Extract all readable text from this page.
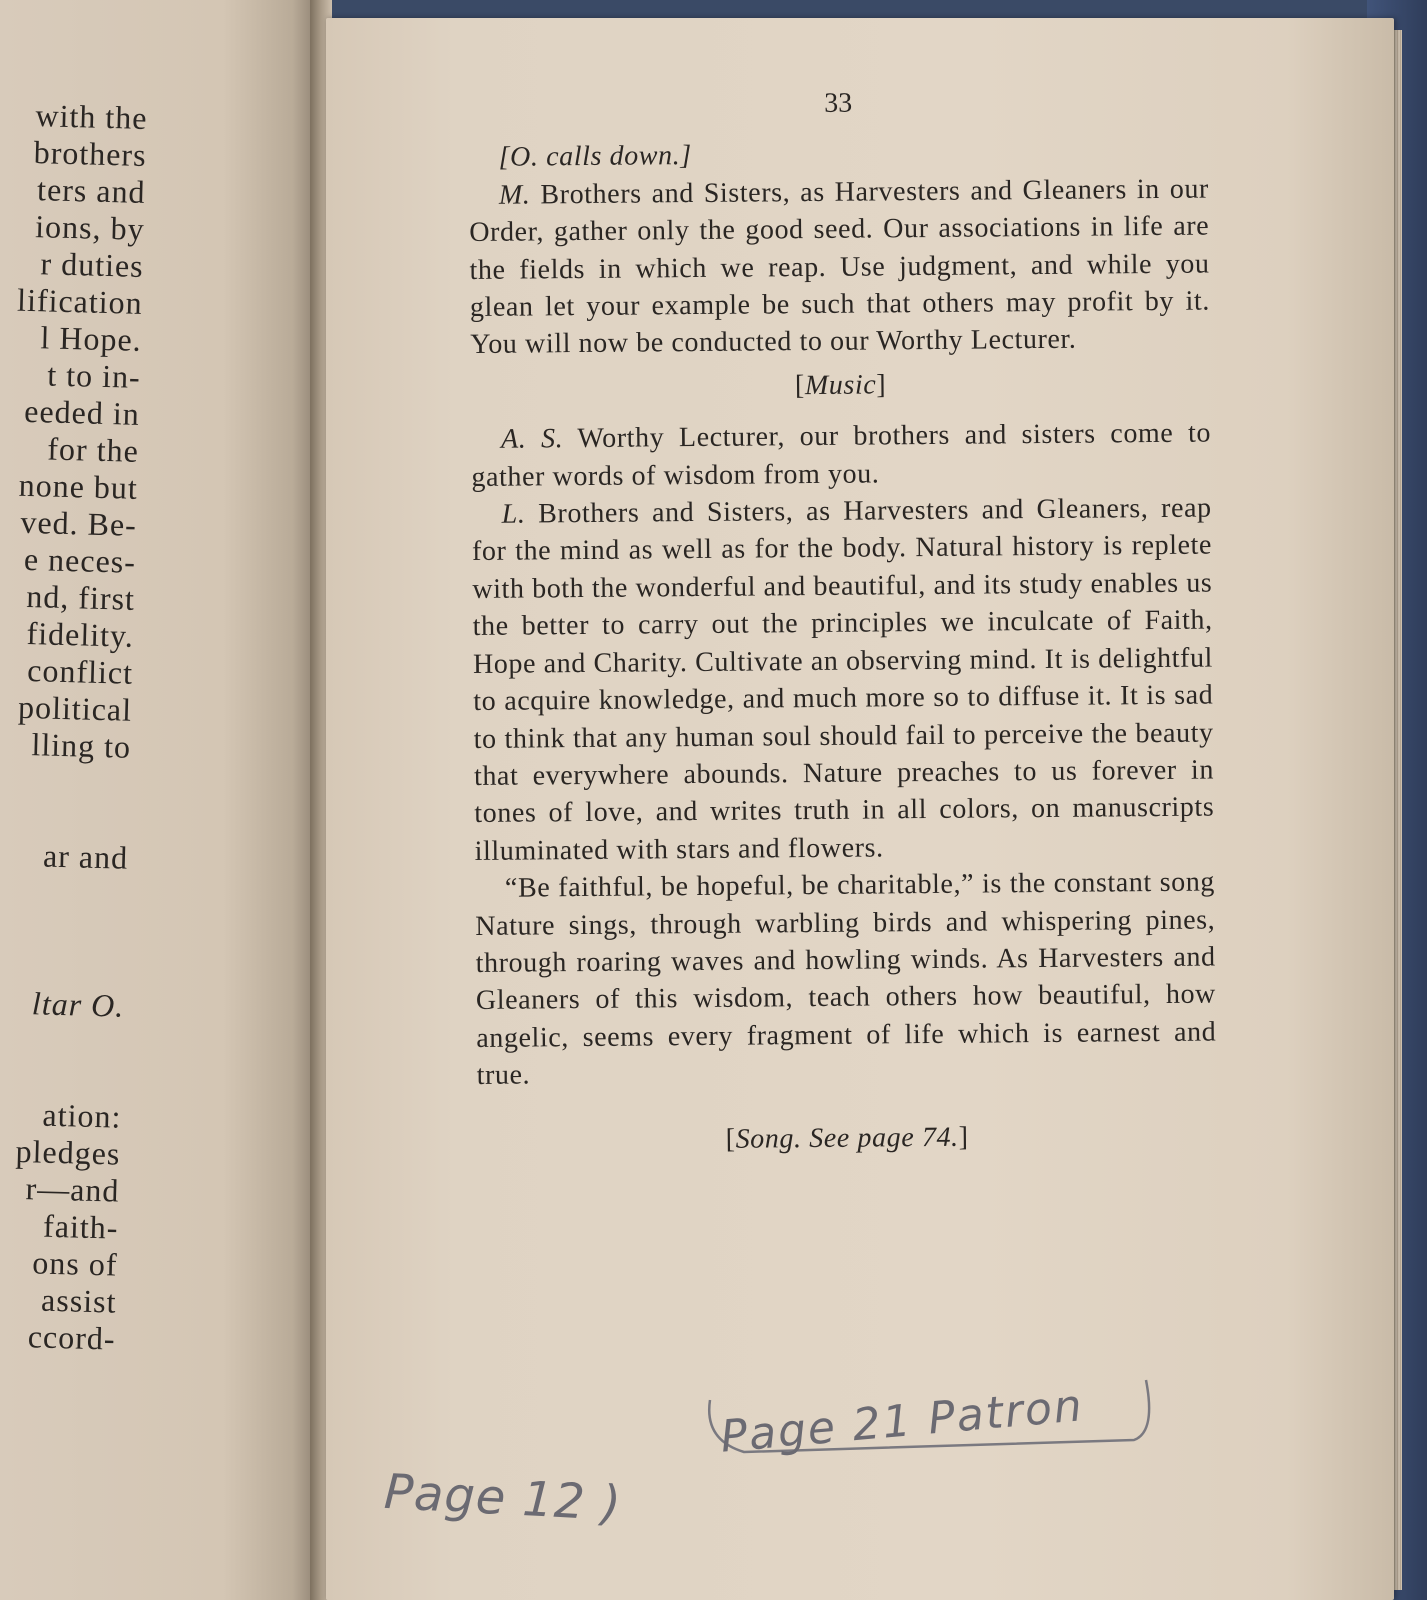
with the
brothers
ters and
ions, by
r duties
lification
l Hope.
t to in-
eeded in
for the
none but
ved. Be-
e neces-
nd, first
fidelity.
conflict
political
lling to
ar and
ltar O.
ation:
pledges
r—and
faith-
ons of
assist
ccord-
33
[O. calls down.]

M. Brothers and Sisters, as Harvesters and Gleaners in our Order, gather only the good seed. Our associations in life are the fields in which we reap. Use judgment, and while you glean let your example be such that others may profit by it. You will now be conducted to our Worthy Lecturer.

[Music]

A. S. Worthy Lecturer, our brothers and sisters come to gather words of wisdom from you.

L. Brothers and Sisters, as Harvesters and Gleaners, reap for the mind as well as for the body. Natural history is replete with both the wonderful and beautiful, and its study enables us the better to carry out the principles we inculcate of Faith, Hope and Charity. Cultivate an observing mind. It is delightful to acquire knowledge, and much more so to diffuse it. It is sad to think that any human soul should fail to perceive the beauty that everywhere abounds. Nature preaches to us forever in tones of love, and writes truth in all colors, on manuscripts illuminated with stars and flowers.

“Be faithful, be hopeful, be charitable,” is the constant song Nature sings, through warbling birds and whispering pines, through roaring waves and howling winds. As Harvesters and Gleaners of this wisdom, teach others how beautiful, how angelic, seems every fragment of life which is earnest and true.

[Song. See page 74.]
Page 21 Patron
Page 12 )
